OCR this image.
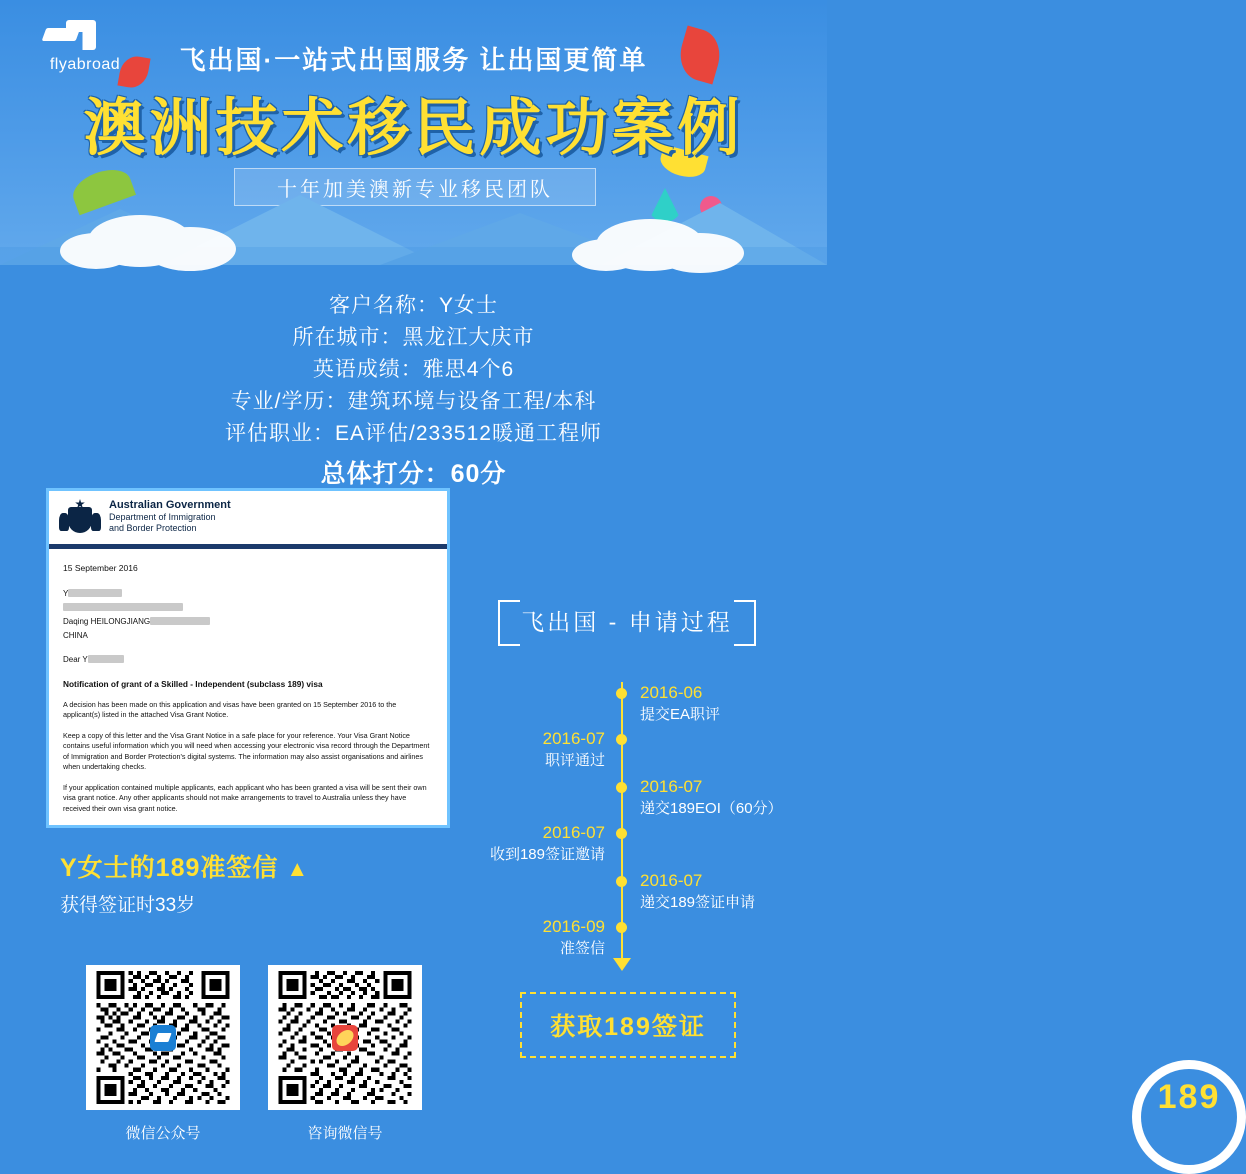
flyabroad	飞出国·一站式出国服务 让出国更简单
澳洲技术移民成功案例
十年加美澳新专业移民团队
客户名称：Y女士
所在城市：黑龙江大庆市
英语成绩：雅思4个6
专业/学历：建筑环境与设备工程/本科
评估职业：EA评估/233512暖通工程师
总体打分：60分
Australian Government
Department of Immigration
and Border Protection
15 September 2016
Y
Daqing HEILONGJIANG
CHINA
Dear Y
Notification of grant of a Skilled - Independent (subclass 189) visa

A decision has been made on this application and visas have been granted on 15 September 2016 to the applicant(s) listed in the attached Visa Grant Notice.

Keep a copy of this letter and the Visa Grant Notice in a safe place for your reference. Your Visa Grant Notice contains useful information which you will need when accessing your electronic visa record through the Department of Immigration and Border Protection's digital systems. The information may also assist organisations and airlines when undertaking checks.

If your application contained multiple applicants, each applicant who has been granted a visa will be sent their own visa grant notice. Any other applicants should not make arrangements to travel to Australia unless they have received their own visa grant notice.

Y女士的189准签信 ▲
获得签证时33岁
微信公众号	咨询微信号
189
飞出国 - 申请过程
2016-06
提交EA职评
2016-07
职评通过
2016-07
递交189EOI（60分）
2016-07
收到189签证邀请
2016-07
递交189签证申请
2016-09
准签信
获取189签证
